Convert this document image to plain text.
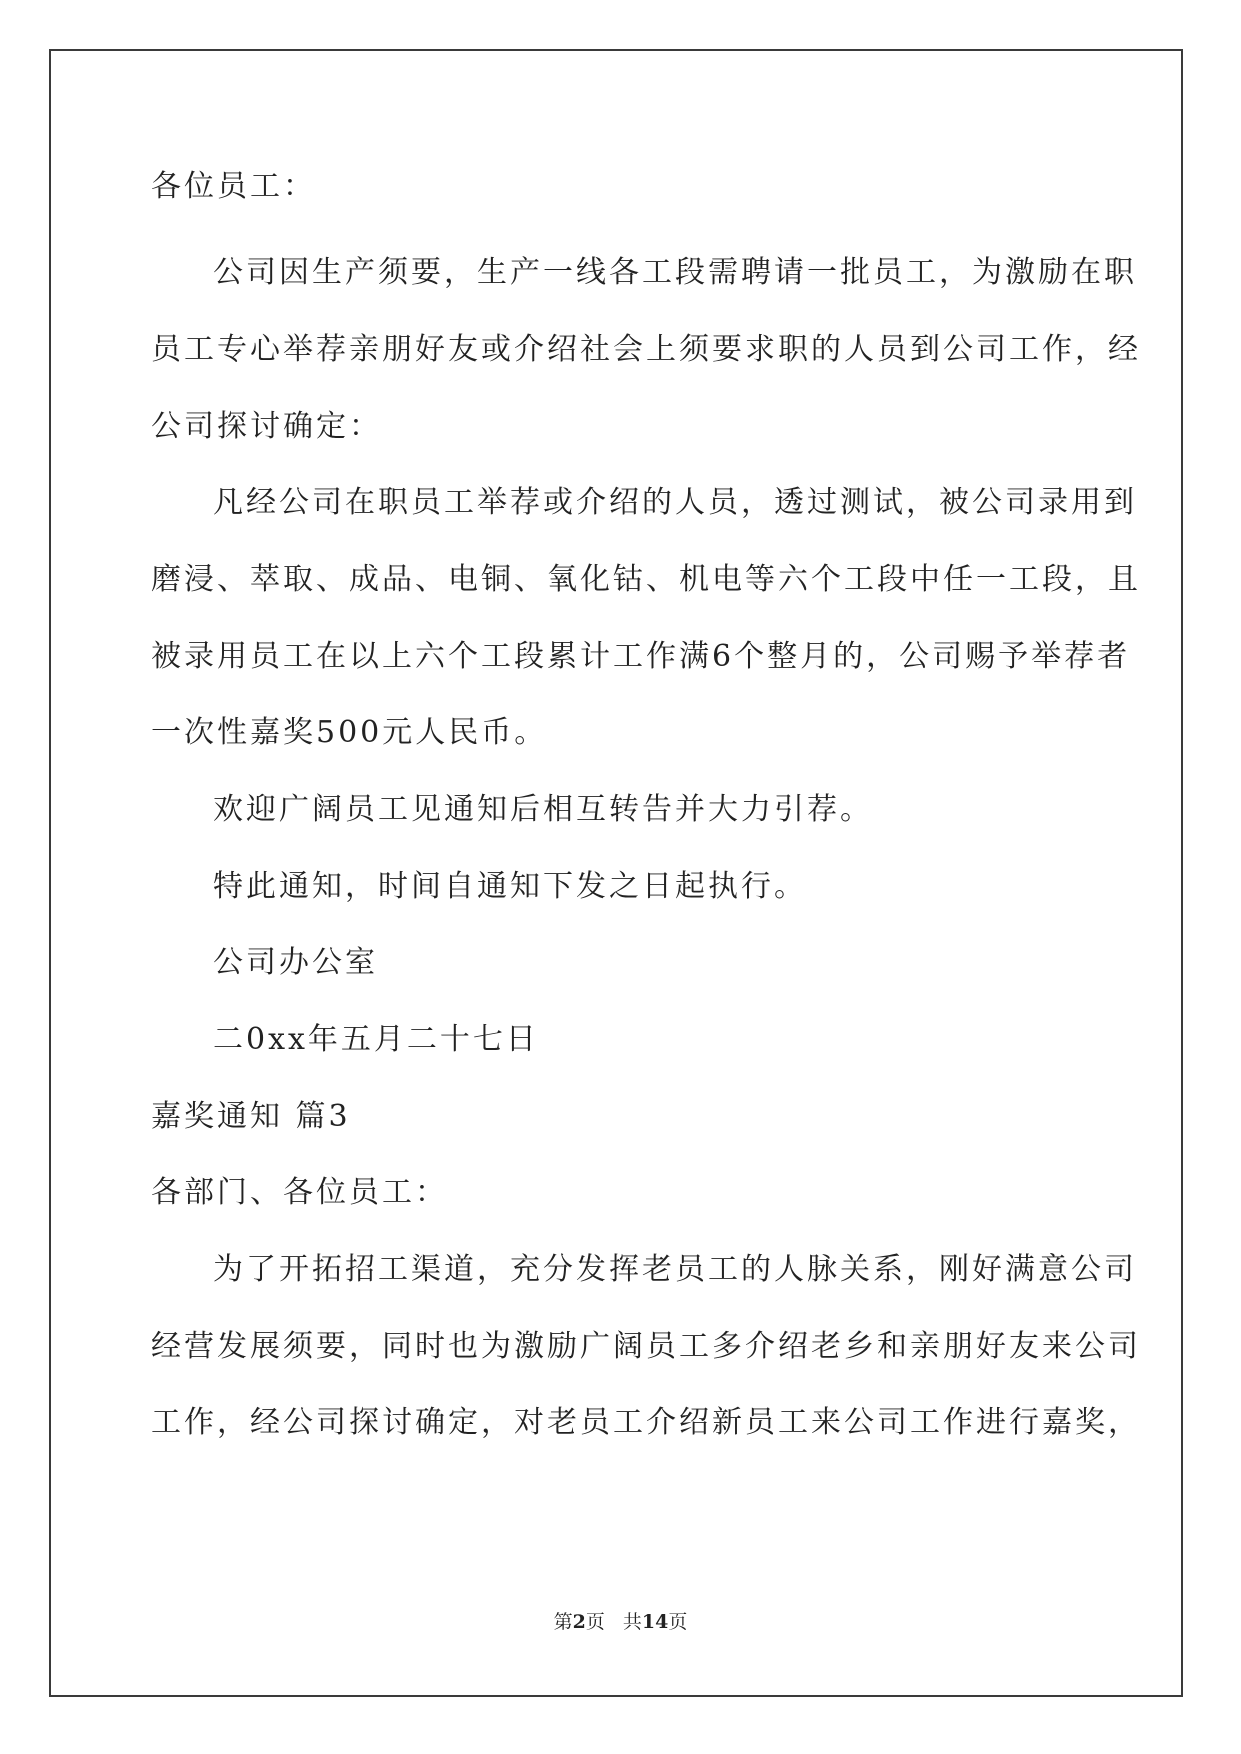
各位员工：
公司因生产须要，生产一线各工段需聘请一批员工，为激励在职
员工专心举荐亲朋好友或介绍社会上须要求职的人员到公司工作，经
公司探讨确定：
凡经公司在职员工举荐或介绍的人员，透过测试，被公司录用到
磨浸、萃取、成品、电铜、氧化钴、机电等六个工段中任一工段，且
被录用员工在以上六个工段累计工作满6个整月的，公司赐予举荐者
一次性嘉奖500元人民币。
欢迎广阔员工见通知后相互转告并大力引荐。
特此通知，时间自通知下发之日起执行。
公司办公室
二0xx年五月二十七日
嘉奖通知 篇3
各部门、各位员工：
为了开拓招工渠道，充分发挥老员工的人脉关系，刚好满意公司
经营发展须要，同时也为激励广阔员工多介绍老乡和亲朋好友来公司
工作，经公司探讨确定，对老员工介绍新员工来公司工作进行嘉奖，
第2页 共14页
